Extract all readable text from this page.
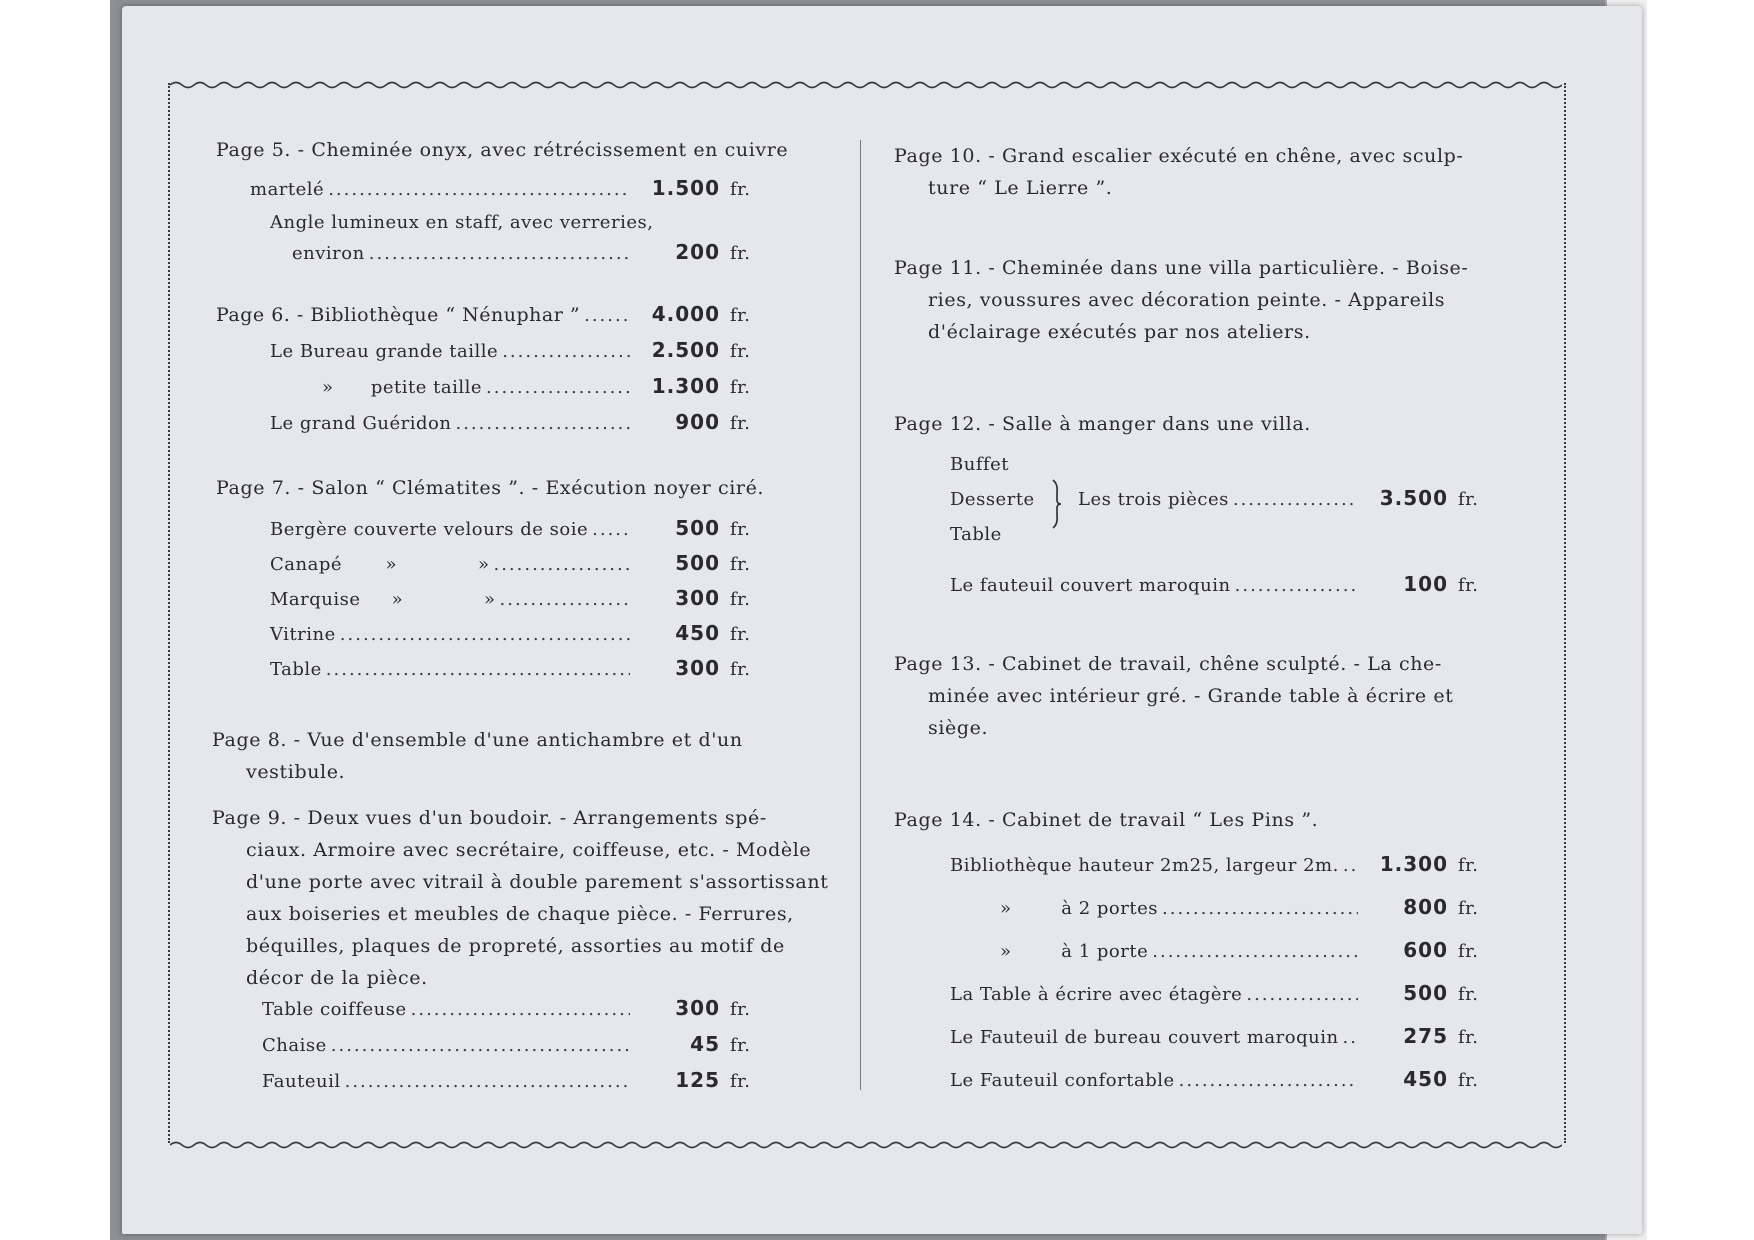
Page 5. - Cheminée onyx, avec rétrécissement en cuivre
martelé .....	1.500 fr.
Angle lumineux en staff, avec verreries,
environ .....	200 fr.
Page 6. - Bibliothèque “ Nénuphar ” .....	4.000 fr.
Le Bureau grande taille .....	2.500 fr.
»      petite taille .....	1.300 fr.
Le grand Guéridon .....	900 fr.
Page 7. - Salon “ Clématites ”. - Exécution noyer ciré.
Bergère couverte velours de soie .....	500 fr.
Canapé       »             » .....	500 fr.
Marquise     »             » .....	300 fr.
Vitrine .....	450 fr.
Table .....	300 fr.
Page 8. - Vue d'ensemble d'une antichambre et d'un
vestibule.
Page 9. - Deux vues d'un boudoir. - Arrangements spé-
ciaux. Armoire avec secrétaire, coiffeuse, etc. - Modèle
d'une porte avec vitrail à double parement s'assortissant
aux boiseries et meubles de chaque pièce. - Ferrures,
béquilles, plaques de propreté, assorties au motif de
décor de la pièce.
Table coiffeuse .....	300 fr.
Chaise .....	45 fr.
Fauteuil .....	125 fr.
Page 10. - Grand escalier exécuté en chêne, avec sculp-
ture “ Le Lierre ”.
Page 11. - Cheminée dans une villa particulière. - Boise-
ries, voussures avec décoration peinte. - Appareils
d'éclairage exécutés par nos ateliers.
Page 12. - Salle à manger dans une villa.
Buffet
Desserte
Table
Les trois pièces .....	3.500 fr.
Le fauteuil couvert maroquin .....	100 fr.
Page 13. - Cabinet de travail, chêne sculpté. - La che-
minée avec intérieur gré. - Grande table à écrire et
siège.
Page 14. - Cabinet de travail “ Les Pins ”.
Bibliothèque hauteur 2m25, largeur 2m. .....	1.300 fr.
»        à 2 portes .....	800 fr.
»        à 1 porte .....	600 fr.
La Table à écrire avec étagère .....	500 fr.
Le Fauteuil de bureau couvert maroquin .....	275 fr.
Le Fauteuil confortable .....	450 fr.
